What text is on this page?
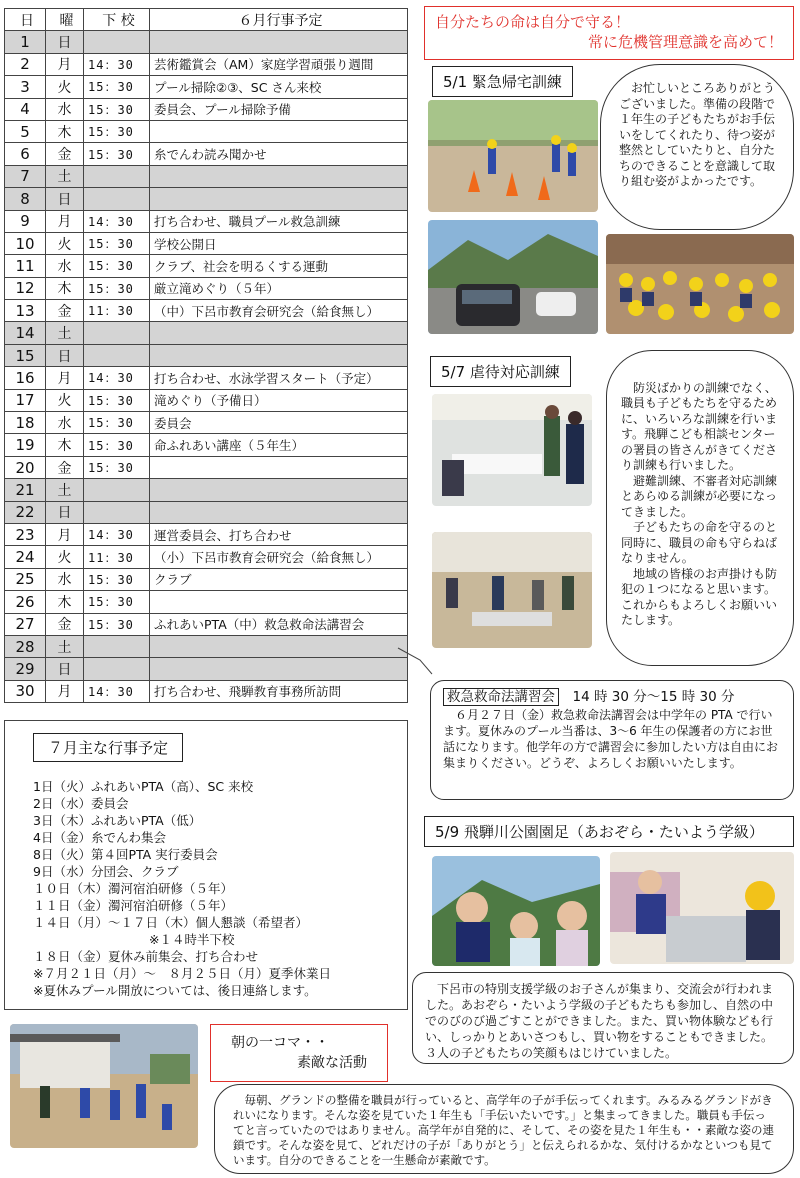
日	曜	下 校	６月行事予定
1	日		
2	月	14：30	芸術鑑賞会（AM）家庭学習頑張り週間
3	火	15：30	プール掃除②③、SC さん来校
4	水	15：30	委員会、プール掃除予備
5	木	15：30	
6	金	15：30	糸でんわ読み聞かせ
7	土		
8	日		
9	月	14：30	打ち合わせ、職員プール救急訓練
10	火	15：30	学校公開日
11	水	15：30	クラブ、社会を明るくする運動
12	木	15：30	厳立滝めぐり（５年）
13	金	11：30	（中）下呂市教育会研究会（給食無し）
14	土		
15	日		
16	月	14：30	打ち合わせ、水泳学習スタート（予定）
17	火	15：30	滝めぐり（予備日）
18	水	15：30	委員会
19	木	15：30	命ふれあい講座（５年生）
20	金	15：30	
21	土		
22	日		
23	月	14：30	運営委員会、打ち合わせ
24	火	11：30	（小）下呂市教育会研究会（給食無し）
25	水	15：30	クラブ
26	木	15：30	
27	金	15：30	ふれあいPTA（中）救急救命法講習会
28	土		
29	日		
30	月	14：30	打ち合わせ、飛騨教育事務所訪問
自分たちの命は自分で守る！
常に危機管理意識を高めて！
5/1 緊急帰宅訓練	　お忙しいところありがとうございました。準備の段階で１年生の子どもたちがお手伝いをしてくれたり、待つ姿が整然としていたりと、自分たちのできることを意識して取り組む姿がよかったです。
5/7 虐待対応訓練

　防災ばかりの訓練でなく、職員も子どもたちを守るために、いろいろな訓練を行います。飛騨こども相談センターの署員の皆さんがきてくださり訓練も行いました。
　避難訓練、不審者対応訓練とあらゆる訓練が必要になってきました。
　子どもたちの命を守るのと同時に、職員の命も守らねばなりません。
　地域の皆様のお声掛けも防犯の１つになると思います。これからもよろしくお願いいたします。

救急救命法講習会　14 時 30 分～15 時 30 分
　６月２７日（金）救急救命法講習会は中学年の PTA で行います。夏休みのプール当番は、3～6 年生の保護者の方にお世話になります。他学年の方で講習会に参加したい方は自由にお集まりください。どうぞ、よろしくお願いいたします。
5/9 飛騨川公園園足（あおぞら・たいよう学級）
　下呂市の特別支援学級のお子さんが集まり、交流会が行われました。あおぞら・たいよう学級の子どもたちも参加し、自然の中でのびのび過ごすことができました。また、買い物体験なども行い、しっかりとあいさつもし、買い物をすることもできました。３人の子どもたちの笑顔もはじけていました。
７月主な行事予定
1日（火）ふれあいPTA（高）、SC 来校
2日（水）委員会
3日（木）ふれあいPTA（低）
4日（金）糸でんわ集会
8日（火）第４回PTA 実行委員会
9日（水）分団会、クラブ
１０日（木）濁河宿泊研修（５年）
１１日（金）濁河宿泊研修（５年）
１４日（月）～１７日（木）個人懇談（希望者）
※１４時半下校
１８日（金）夏休み前集会、打ち合わせ
※７月２１日（月）～　８月２５日（月）夏季休業日
※夏休みプール開放については、後日連絡します。
朝の一コマ・・
素敵な活動
　毎朝、グランドの整備を職員が行っていると、高学年の子が手伝ってくれます。みるみるグランドがきれいになります。そんな姿を見ていた１年生も「手伝いたいです。」と集まってきました。職員も手伝ってと言っていたのではありません。高学年が自発的に、そして、その姿を見た１年生も・・素敵な姿の連鎖です。そんな姿を見て、どれだけの子が「ありがとう」と伝えられるかな、気付けるかなといつも見ています。自分のできることを一生懸命が素敵です。
